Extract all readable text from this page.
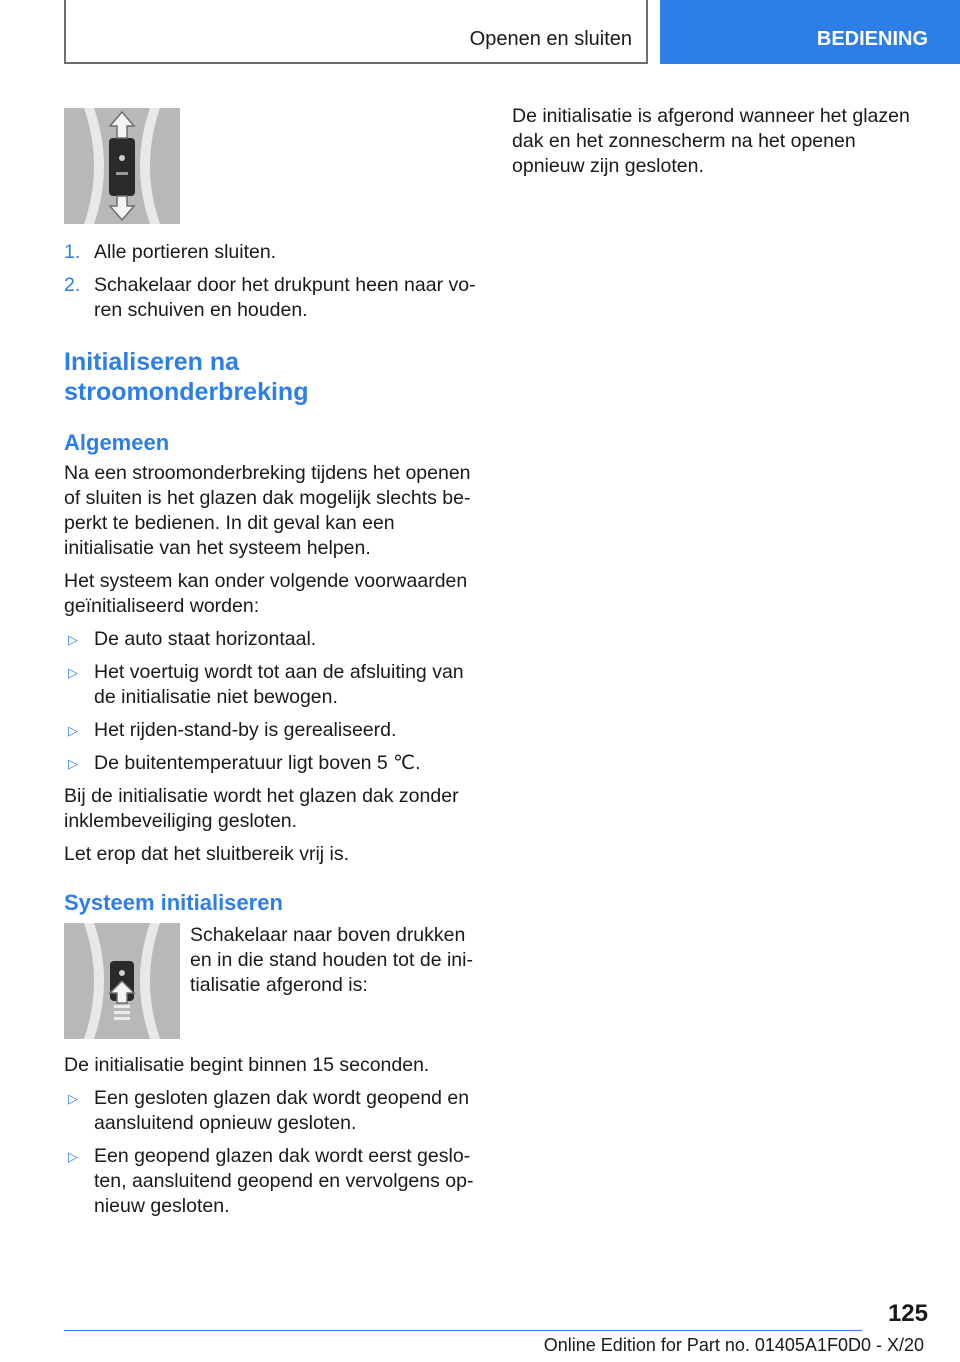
Openen en sluiten	BEDIENING
1. Alle portieren sluiten.
2. Schakelaar door het drukpunt heen naar voren schuiven en houden.
Initialiseren na stroomonderbreking
Algemeen

Na een stroomonderbreking tijdens het openen of sluiten is het glazen dak mogelijk slechts beperkt te bedienen. In dit geval kan een initialisatie van het systeem helpen.

Het systeem kan onder volgende voorwaarden geïnitialiseerd worden:

▷ De auto staat horizontaal.
▷ Het voertuig wordt tot aan de afsluiting van de initialisatie niet bewogen.
▷ Het rijden-stand-by is gerealiseerd.
▷ De buitentemperatuur ligt boven 5 ℃.

Bij de initialisatie wordt het glazen dak zonder inklembeveiliging gesloten.

Let erop dat het sluitbereik vrij is.

Systeem initialiseren
Schakelaar naar boven drukken en in die stand houden tot de initialisatie afgerond is:

De initialisatie begint binnen 15 seconden.

▷ Een gesloten glazen dak wordt geopend en aansluitend opnieuw gesloten.
▷ Een geopend glazen dak wordt eerst gesloten, aansluitend geopend en vervolgens opnieuw gesloten.

De initialisatie is afgerond wanneer het glazen dak en het zonnescherm na het openen opnieuw zijn gesloten.

125
Online Edition for Part no. 01405A1F0D0 - X/20
